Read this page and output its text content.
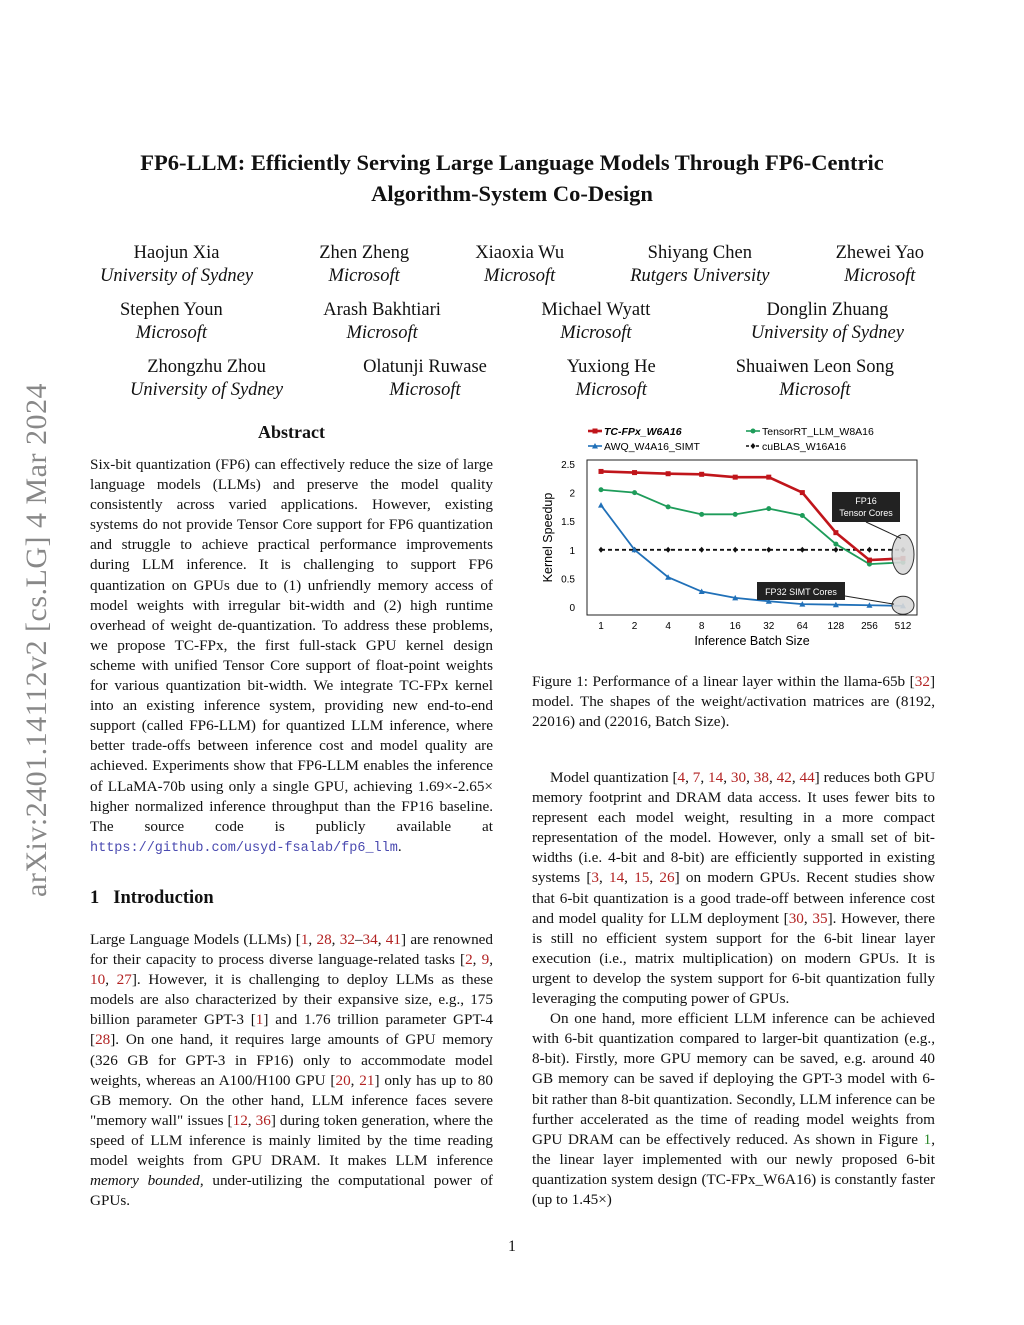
arXiv:2401.14112v2 [cs.LG] 4 Mar 2024
FP6-LLM: Efficiently Serving Large Language Models Through FP6-Centric Algorithm-System Co-Design
Haojun Xia
University of Sydney
Zhen Zheng
Microsoft
Xiaoxia Wu
Microsoft
Shiyang Chen
Rutgers University
Zhewei Yao
Microsoft
Stephen Youn
Microsoft
Arash Bakhtiari
Microsoft
Michael Wyatt
Microsoft
Donglin Zhuang
University of Sydney
Zhongzhu Zhou
University of Sydney
Olatunji Ruwase
Microsoft
Yuxiong He
Microsoft
Shuaiwen Leon Song
Microsoft
Abstract

Six-bit quantization (FP6) can effectively reduce the size of large language models (LLMs) and preserve the model quality consistently across varied applications. However, existing systems do not provide Tensor Core support for FP6 quantization and struggle to achieve practical performance improvements during LLM inference. It is challenging to support FP6 quantization on GPUs due to (1) unfriendly memory access of model weights with irregular bit-width and (2) high runtime overhead of weight de-quantization. To address these problems, we propose TC-FPx, the first full-stack GPU kernel design scheme with unified Tensor Core support of float-point weights for various quantization bit-width. We integrate TC-FPx kernel into an existing inference system, providing new end-to-end support (called FP6-LLM) for quantized LLM inference, where better trade-offs between inference cost and model quality are achieved. Experiments show that FP6-LLM enables the inference of LLaMA-70b using only a single GPU, achieving 1.69×-2.65× higher normalized inference throughput than the FP16 baseline. The source code is publicly available at https://github.com/usyd-fsalab/fp6_llm.

1 Introduction

Large Language Models (LLMs) [1, 28, 32–34, 41] are renowned for their capacity to process diverse language-related tasks [2, 9, 10, 27]. However, it is challenging to deploy LLMs as these models are also characterized by their expansive size, e.g., 175 billion parameter GPT-3 [1] and 1.76 trillion parameter GPT-4 [28]. On one hand, it requires large amounts of GPU memory (326 GB for GPT-3 in FP16) only to accommodate model weights, whereas an A100/H100 GPU [20, 21] only has up to 80 GB memory. On the other hand, LLM inference faces severe "memory wall" issues [12, 36] during token generation, where the speed of LLM inference is mainly limited by the time reading model weights from GPU DRAM. It makes LLM inference memory bounded, under-utilizing the computational power of GPUs.

TC-FPx_W6A16	TensorRT_LLM_W8A16
AWQ_W4A16_SIMT	cuBLAS_W16A16
0
0.5
1
1.5
2
2.5
1	2	4	8	16 32 64 128 256 512
Inference Batch Size
Kernel Speedup	FP16
Tensor Cores
FP32 SIMT Cores
Figure 1: Performance of a linear layer within the llama-65b [32] model. The shapes of the weight/activation matrices are (8192, 22016) and (22016, Batch Size).

Model quantization [4, 7, 14, 30, 38, 42, 44] reduces both GPU memory footprint and DRAM data access. It uses fewer bits to represent each model weight, resulting in a more compact representation of the model. However, only a small set of bit-widths (i.e. 4-bit and 8-bit) are efficiently supported in existing systems [3, 14, 15, 26] on modern GPUs. Recent studies show that 6-bit quantization is a good trade-off between inference cost and model quality for LLM deployment [30, 35]. However, there is still no efficient system support for the 6-bit linear layer execution (i.e., matrix multiplication) on modern GPUs. It is urgent to develop the system support for 6-bit quantization fully leveraging the computing power of GPUs.

On one hand, more efficient LLM inference can be achieved with 6-bit quantization compared to larger-bit quantization (e.g., 8-bit). Firstly, more GPU memory can be saved, e.g. around 40 GB memory can be saved if deploying the GPT-3 model with 6-bit rather than 8-bit quantization. Secondly, LLM inference can be further accelerated as the time of reading model weights from GPU DRAM can be effectively reduced. As shown in Figure 1, the linear layer implemented with our newly proposed 6-bit quantization system design (TC-FPx_W6A16) is constantly faster (up to 1.45×)

1
